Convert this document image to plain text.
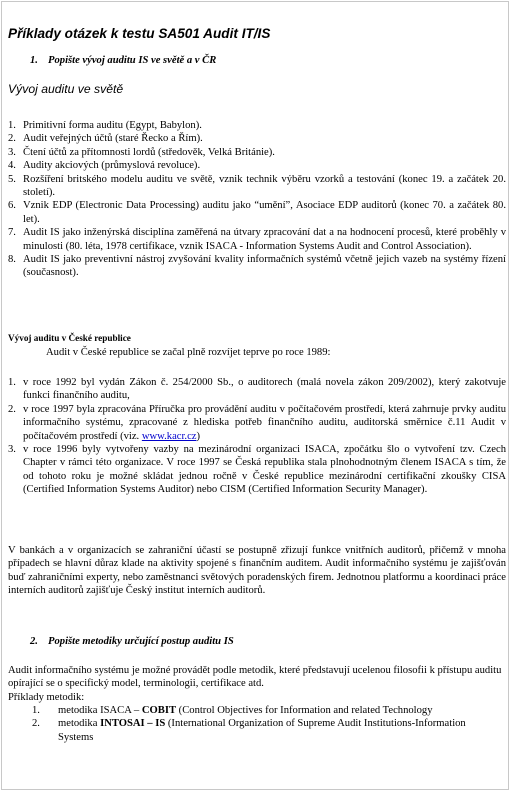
Příklady otázek k testu SA501 Audit IT/IS
1. Popište vývoj auditu IS ve světě a v ČR
Vývoj auditu ve světě
1. Primitivní forma auditu (Egypt, Babylon).
2. Audit veřejných účtů (staré Řecko a Řím).
3. Čtení účtů za přítomnosti lordů (středověk, Velká Británie).
4. Audity akciových (průmyslová revoluce).
5. Rozšíření britského modelu auditu ve světě, vznik technik výběru vzorků a testování (konec 19. a začátek 20. století).
6. Vznik EDP (Electronic Data Processing) auditu jako “umění”, Asociace EDP auditorů (konec 70. a začátek 80. let).
7. Audit IS jako inženýrská disciplína zaměřená na útvary zpracování dat a na hodnocení procesů, které proběhly v minulosti (80. léta, 1978 certifikace, vznik ISACA - Information Systems Audit and Control Association).
8. Audit IS jako preventivní nástroj zvyšování kvality informačních systémů včetně jejich vazeb na systémy řízení (současnost).
Vývoj auditu v České republice
Audit v České republice se začal plně rozvíjet teprve po roce 1989:
1. v roce 1992 byl vydán Zákon č. 254/2000 Sb., o auditorech (malá novela zákon 209/2002), který zakotvuje funkci finančního auditu,
2. v roce 1997 byla zpracována Příručka pro provádění auditu v počítačovém prostředí, která zahrnuje prvky auditu informačního systému, zpracované z hlediska potřeb finančního auditu, auditorská směrnice č.11 Audit v počítačovém prostředí (viz. www.kacr.cz)
3. v roce 1996 byly vytvořeny vazby na mezinárodní organizaci ISACA, zpočátku šlo o vytvoření tzv. Czech Chapter v rámci této organizace. V roce 1997 se Česká republika stala plnohodnotným členem ISACA s tím, že od tohoto roku je možné skládat jednou ročně v České republice mezinárodní certifikační zkoušky CISA (Certified Information Systems Auditor) nebo CISM (Certified Information Security Manager).

V bankách a v organizacích se zahraniční účastí se postupně zřizují funkce vnitřních auditorů, přičemž v mnoha případech se hlavní důraz klade na aktivity spojené s finančním auditem. Audit informačního systému je zajišťován buď zahraničními experty, nebo zaměstnanci světových poradenských firem. Jednotnou platformu a koordinaci práce interních auditorů zajišťuje Český institut interních auditorů.

2. Popište metodiky určující postup auditu IS

Audit informačního systému je možné provádět podle metodik, které představují ucelenou filosofii k přístupu auditu opírající se o specifický model, terminologii, certifikace atd.

Příklady metodik:
1. metodika ISACA – COBIT (Control Objectives for Information and related Technology
2. metodika INTOSAI – IS (International Organization of Supreme Audit Institutions-Information Systems
